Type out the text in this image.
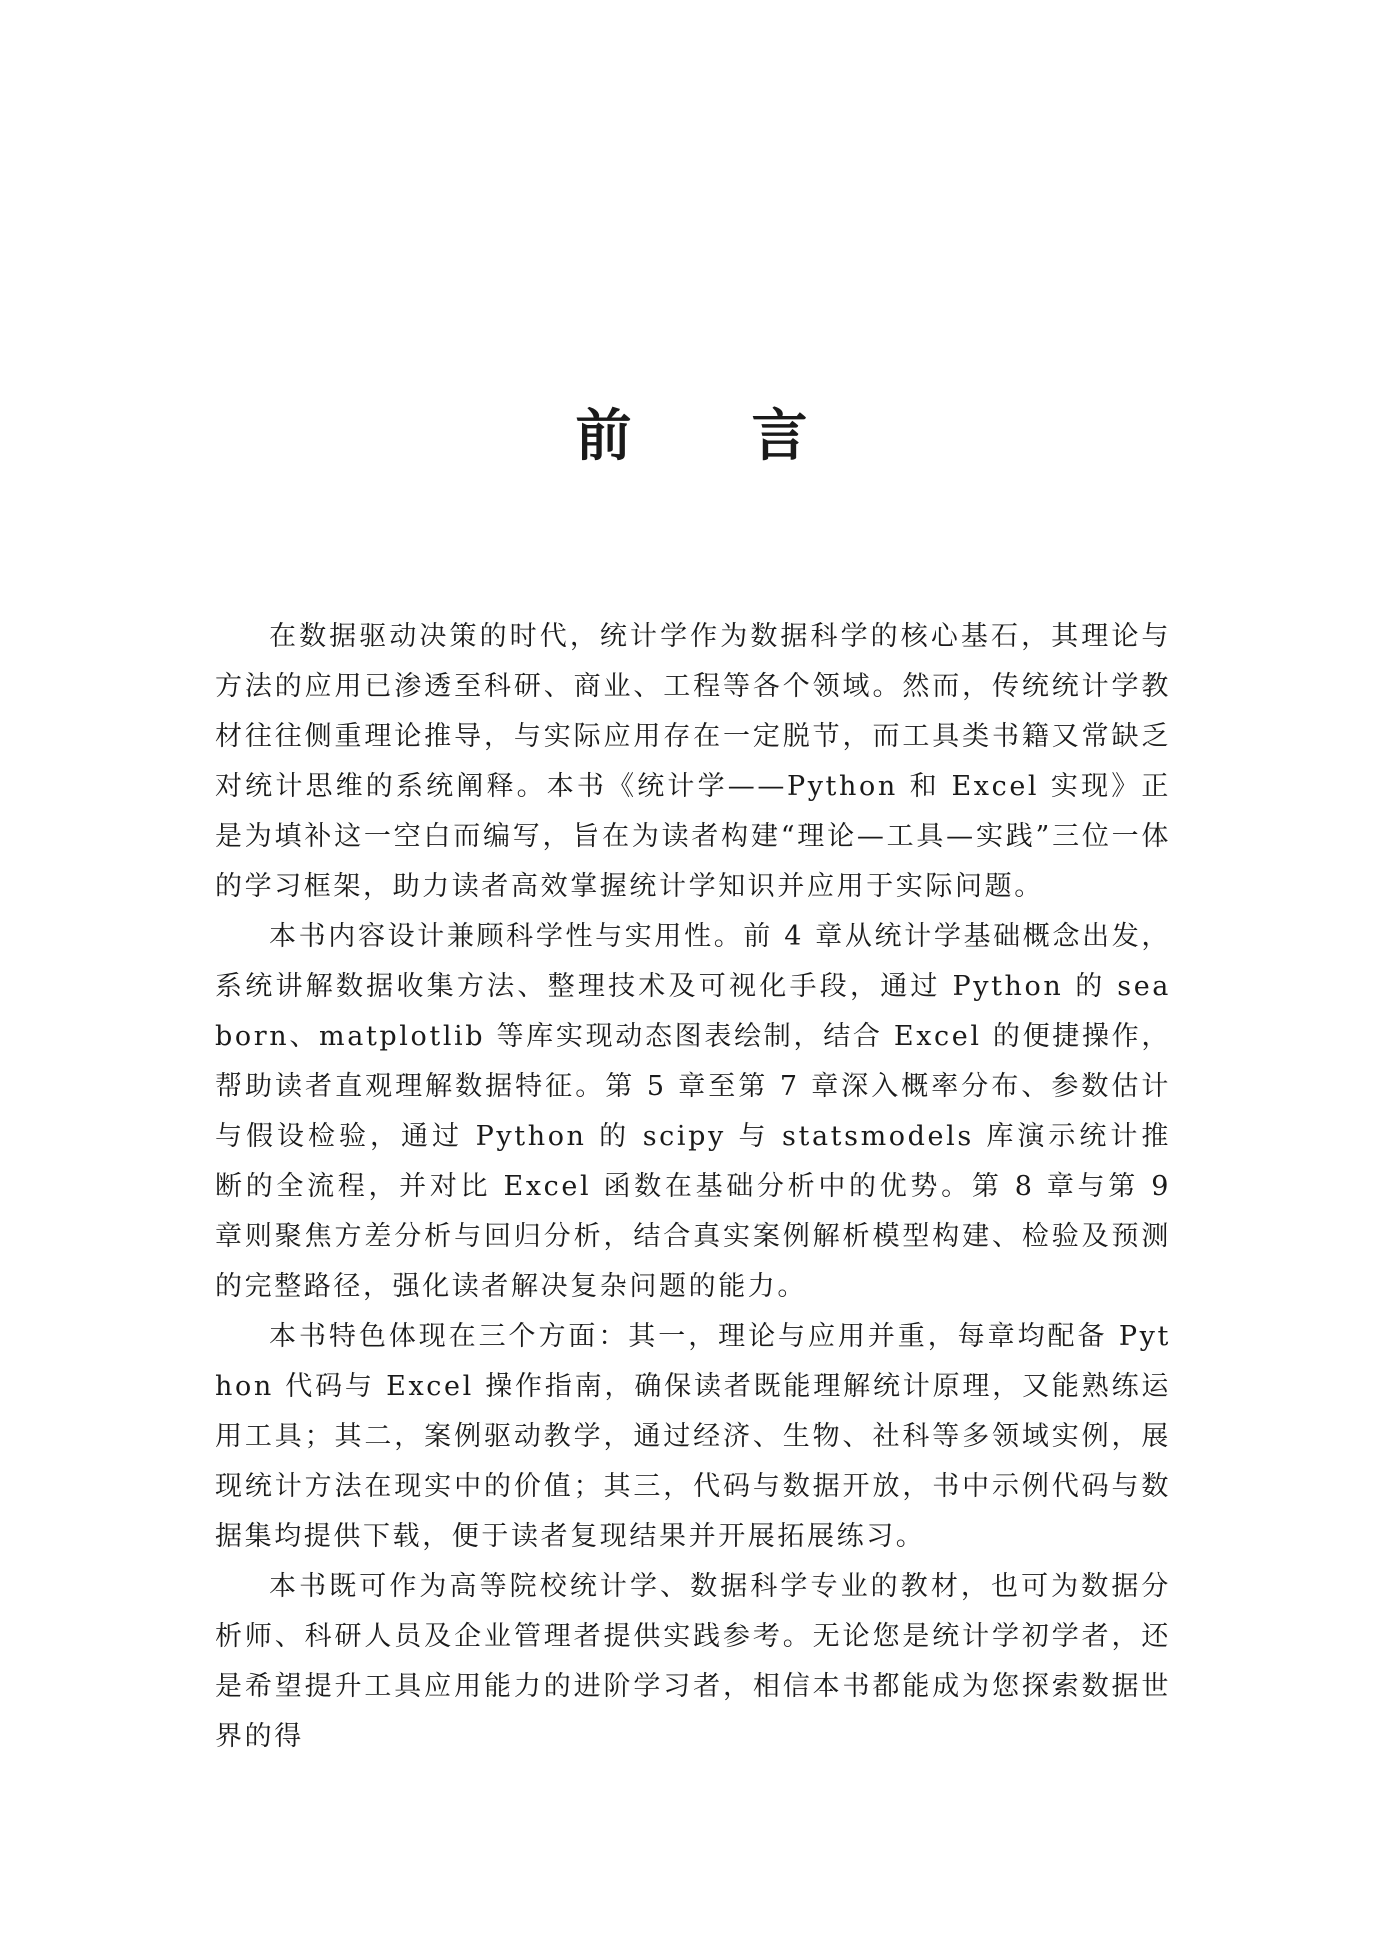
前 言

在数据驱动决策的时代，统计学作为数据科学的核心基石，其理论与方法的应用已渗透至科研、商业、工程等各个领域。然而，传统统计学教材往往侧重理论推导，与实际应用存在一定脱节，而工具类书籍又常缺乏对统计思维的系统阐释。本书《统计学——Python 和 Excel 实现》正是为填补这一空白而编写，旨在为读者构建“理论—工具—实践”三位一体的学习框架，助力读者高效掌握统计学知识并应用于实际问题。

本书内容设计兼顾科学性与实用性。前 4 章从统计学基础概念出发，系统讲解数据收集方法、整理技术及可视化手段，通过 Python 的 seaborn、matplotlib 等库实现动态图表绘制，结合 Excel 的便捷操作，帮助读者直观理解数据特征。第 5 章至第 7 章深入概率分布、参数估计与假设检验，通过 Python 的 scipy 与 statsmodels 库演示统计推断的全流程，并对比 Excel 函数在基础分析中的优势。第 8 章与第 9 章则聚焦方差分析与回归分析，结合真实案例解析模型构建、检验及预测的完整路径，强化读者解决复杂问题的能力。

本书特色体现在三个方面：其一，理论与应用并重，每章均配备 Python 代码与 Excel 操作指南，确保读者既能理解统计原理，又能熟练运用工具；其二，案例驱动教学，通过经济、生物、社科等多领域实例，展现统计方法在现实中的价值；其三，代码与数据开放，书中示例代码与数据集均提供下载，便于读者复现结果并开展拓展练习。

本书既可作为高等院校统计学、数据科学专业的教材，也可为数据分析师、科研人员及企业管理者提供实践参考。无论您是统计学初学者，还是希望提升工具应用能力的进阶学习者，相信本书都能成为您探索数据世界的得
